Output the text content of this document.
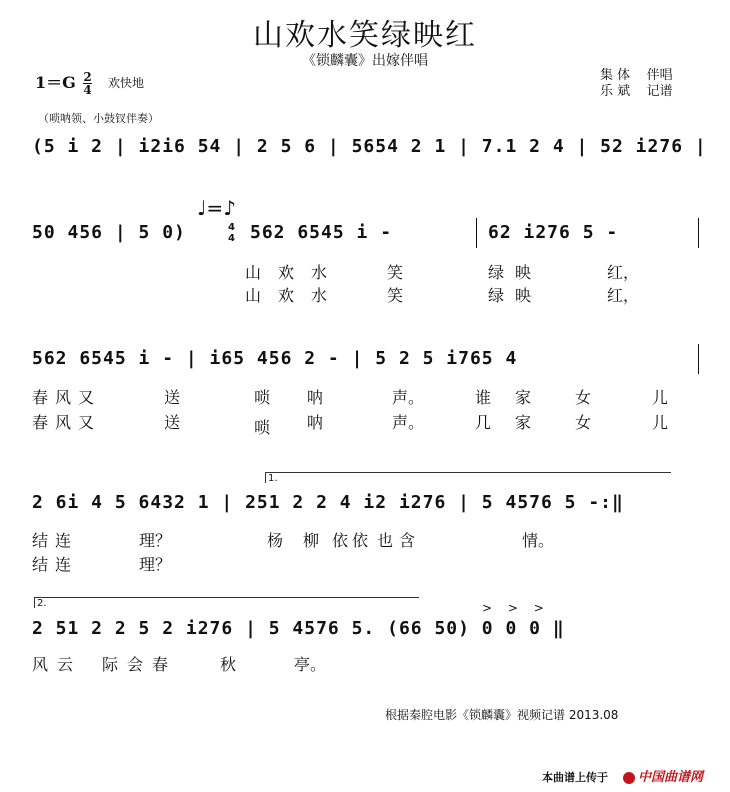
山欢水笑绿映红
《锁麟囊》出嫁伴唱
$1=G \frac{2}{4}$ 欢快地	集 体 伴唱
乐 斌 记谱
（唢呐领、小鼓钗伴奏）
(5 i 2 | i2i6 54 | 2 5 6 | 5654 2 1 | 7.1 2 4 | 52 i276 |
♩=♪
50 456 | 5 0)	4
4 562 6545 i -	62 i276 5 -
山 欢 水	笑	绿 映	红，
山 欢 水	笑	绿 映	红，
562 6545 i - | i65 456 2 - | 5 2 5 i765 4
春 风 又	送	唢 呐	声。	谁 家	女	儿
春 风 又	送	唢 呐	声。	几 家	女	儿
1.
2 6i 4 5 6432 1 | 251 2 2 4 i2 i276 | 5 4576 5 -:‖
结 连	理？	杨 柳 依 依 也 含	情。
结 连	理？
2.	> > >
2 51 2 2 5 2 i276 | 5 4576 5. (66 50) 0 0 0 ‖
风 云 际 会 春	秋	亭。
根据秦腔电影《锁麟囊》视频记谱 2013.08
本曲谱上传于	中国曲谱网
